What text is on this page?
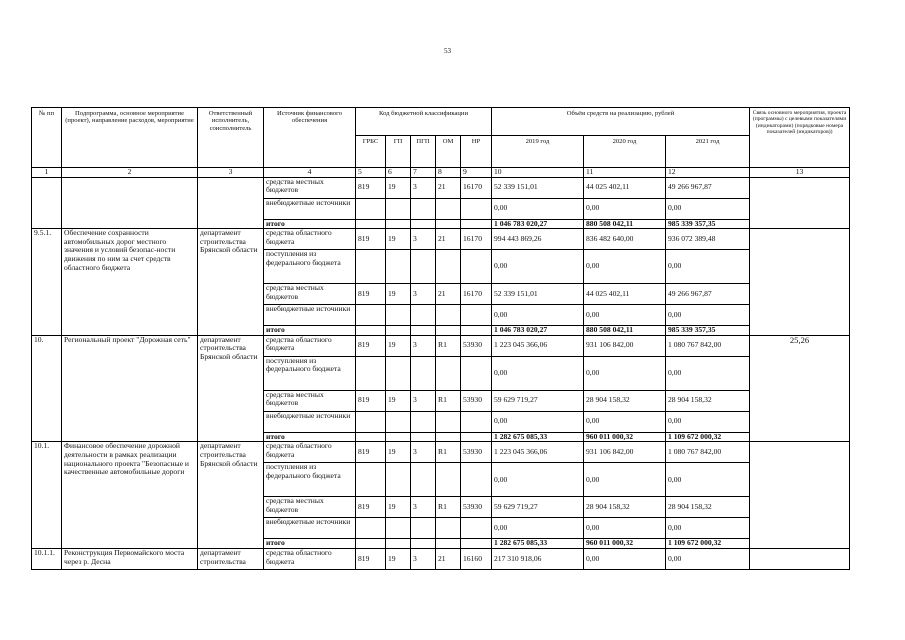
53
№ пп	Подпрограмма, основное мероприятие (проект), направление расходов, мероприятие	Ответственный исполнитель, соисполнитель	Источник финансового обеспечения	Код бюджетной классификации					Объём средств на реализацию, рублей			Связь основного мероприятия, проекта (программы) с целевыми показателями (индикаторами) (порядковые номера показателей (индикаторов))
				ГРБС	ГП	ПГП	ОМ	НР	2019 год	2020 год	2021 год	
1	2	3	4	5	6	7	8	9	10	11	12	13
			средства местных бюджетов	819	19	3	21	16170	52 339 151,01	44 025 402,11	49 266 967,87	
			внебюджетные источники						0,00	0,00	0,00	
			итого						1 046 783 020,27	880 508 042,11	985 339 357,35	
9.5.1.	Обеспечение сохранности автомобильных дорог местного значения и условий безопас-ности движения по ним за счет средств областного бюджета	департамент строительства Брянской области	средства областного бюджета	819	19	3	21	16170	994 443 869,26	836 482 640,00	936 072 389,48	
			поступления из федерального бюджета						0,00	0,00	0,00	
			средства местных бюджетов	819	19	3	21	16170	52 339 151,01	44 025 402,11	49 266 967,87	
			внебюджетные источники						0,00	0,00	0,00	
			итого						1 046 783 020,27	880 508 042,11	985 339 357,35	
10.	Региональный проект "Дорожная сеть"	департамент строительства Брянской области	средства областного бюджета	819	19	3	R1	53930	1 223 045 366,06	931 106 842,00	1 080 767 842,00	25,26
			поступления из федерального бюджета						0,00	0,00	0,00	
			средства местных бюджетов	819	19	3	R1	53930	59 629 719,27	28 904 158,32	28 904 158,32	
			внебюджетные источники						0,00	0,00	0,00	
			итого						1 282 675 085,33	960 011 000,32	1 109 672 000,32	
10.1.	Финансовое обеспечение дорожной деятельности в рамках реализации национального проекта "Безопасные и качественные автомобильные дороги	департамент строительства Брянской области	средства областного бюджета	819	19	3	R1	53930	1 223 045 366,06	931 106 842,00	1 080 767 842,00	
			поступления из федерального бюджета						0,00	0,00	0,00	
			средства местных бюджетов	819	19	3	R1	53930	59 629 719,27	28 904 158,32	28 904 158,32	
			внебюджетные источники						0,00	0,00	0,00	
			итого						1 282 675 085,33	960 011 000,32	1 109 672 000,32	
10.1.1.	Реконструкция Первомайского моста через р. Десна	департамент строительства	средства областного бюджета	819	19	3	21	16160	217 310 918,06	0,00	0,00	
